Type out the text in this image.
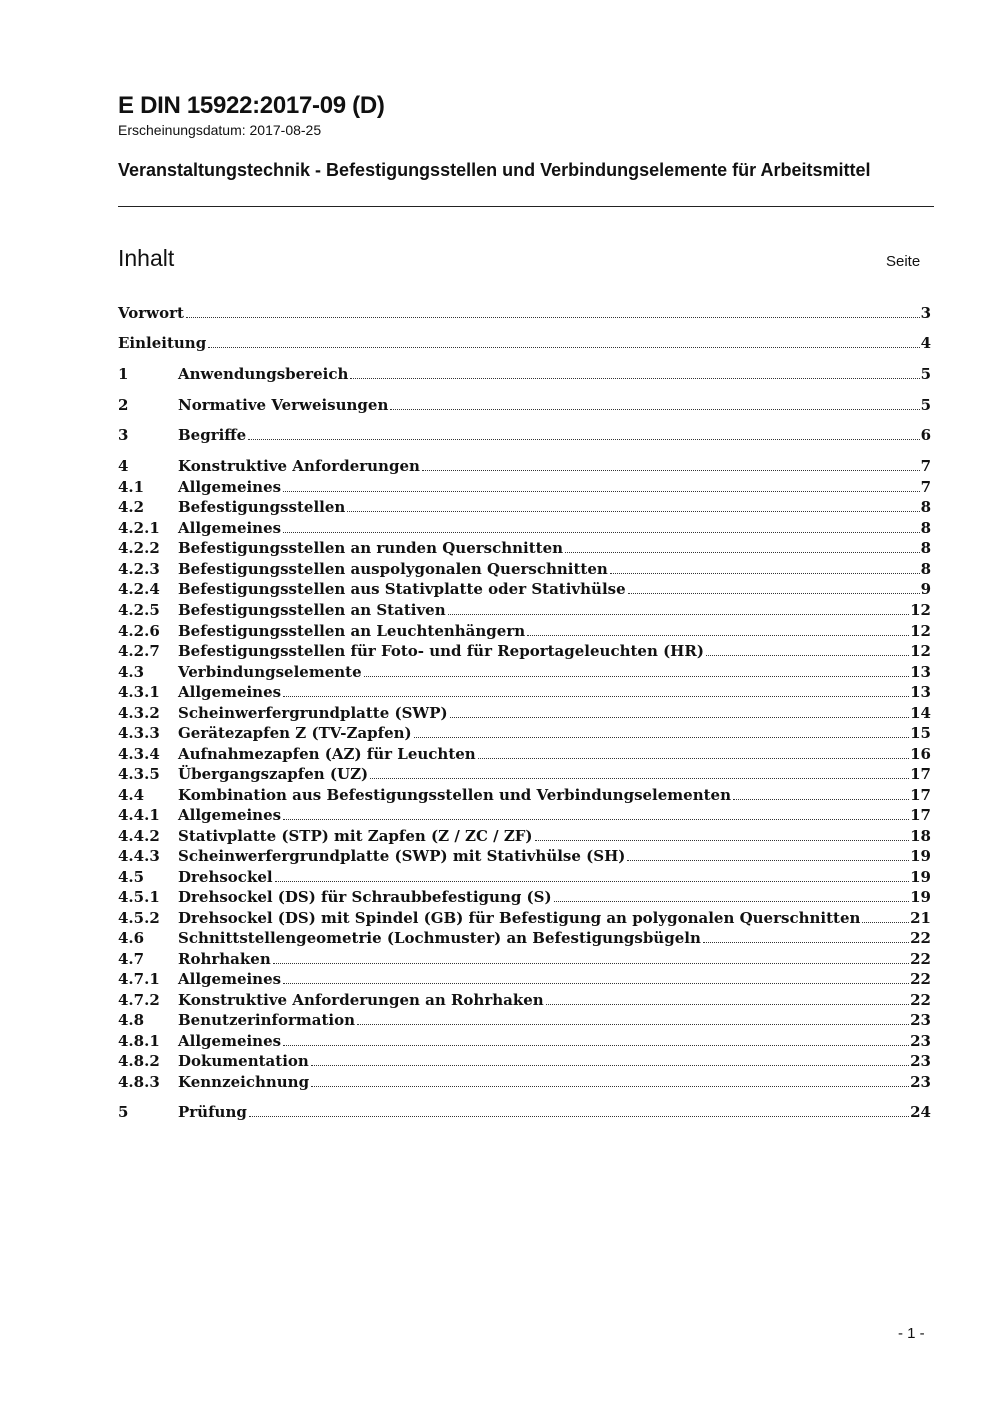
E DIN 15922:2017-09 (D)
Erscheinungsdatum: 2017-08-25
Veranstaltungstechnik - Befestigungsstellen und Verbindungselemente für Arbeitsmittel
Inhalt	Seite
Vorwort	3
Einleitung	4
1	Anwendungsbereich	5
2	Normative Verweisungen	5
3	Begriffe	6
4	Konstruktive Anforderungen	7
4.1 Allgemeines	7
4.2 Befestigungsstellen	8
4.2.1 Allgemeines	8
4.2.2 Befestigungsstellen an runden Querschnitten	8
4.2.3 Befestigungsstellen auspolygonalen Querschnitten	8
4.2.4 Befestigungsstellen aus Stativplatte oder Stativhülse	9
4.2.5 Befestigungsstellen an Stativen	12
4.2.6 Befestigungsstellen an Leuchtenhängern	12
4.2.7 Befestigungsstellen für Foto- und für Reportageleuchten (HR)	12
4.3 Verbindungselemente	13
4.3.1 Allgemeines	13
4.3.2 Scheinwerfergrundplatte (SWP)	14
4.3.3 Gerätezapfen Z (TV-Zapfen)	15
4.3.4 Aufnahmezapfen (AZ) für Leuchten	16
4.3.5 Übergangszapfen (UZ)	17
4.4 Kombination aus Befestigungsstellen und Verbindungselementen	17
4.4.1 Allgemeines	17
4.4.2 Stativplatte (STP) mit Zapfen (Z / ZC / ZF)	18
4.4.3 Scheinwerfergrundplatte (SWP) mit Stativhülse (SH)	19
4.5 Drehsockel	19
4.5.1 Drehsockel (DS) für Schraubbefestigung (S)	19
4.5.2 Drehsockel (DS) mit Spindel (GB) für Befestigung an polygonalen Querschnitten	21
4.6 Schnittstellengeometrie (Lochmuster) an Befestigungsbügeln	22
4.7 Rohrhaken	22
4.7.1 Allgemeines	22
4.7.2 Konstruktive Anforderungen an Rohrhaken	22
4.8 Benutzerinformation	23
4.8.1 Allgemeines	23
4.8.2 Dokumentation	23
4.8.3 Kennzeichnung	23
5	Prüfung	24
- 1 -
